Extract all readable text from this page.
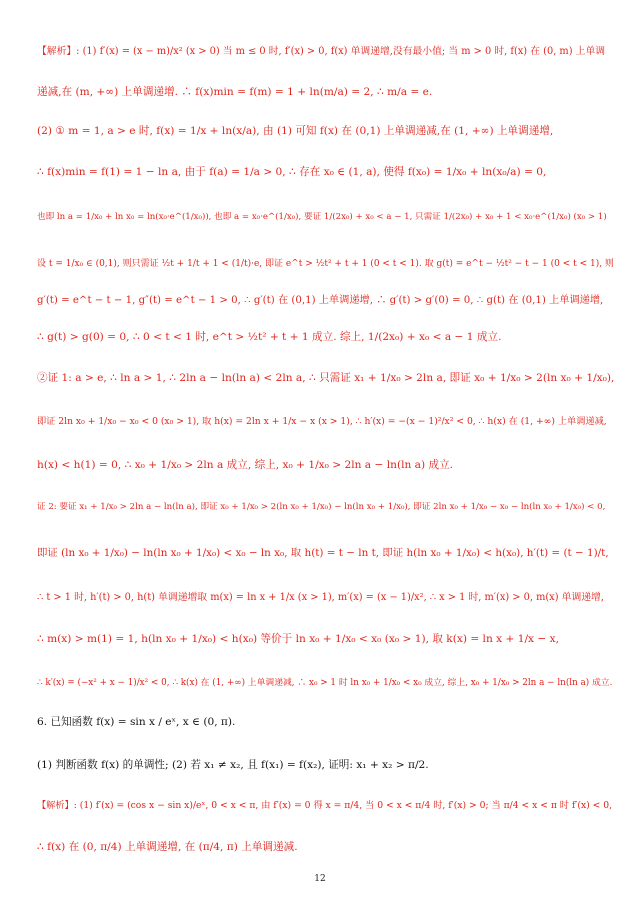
【解析】: (1) f′(x) = (x − m)/x² (x > 0) 当 m ≤ 0 时, f′(x) > 0, f(x) 单调递增,没有最小值; 当 m > 0 时, f(x) 在 (0, m) 上单调
递减,在 (m, +∞) 上单调递增. ∴ f(x)min = f(m) = 1 + ln(m/a) = 2, ∴ m/a = e.
(2) ① m = 1, a > e 时, f(x) = 1/x + ln(x/a), 由 (1) 可知 f(x) 在 (0,1) 上单调递减,在 (1, +∞) 上单调递增,
∴ f(x)min = f(1) = 1 − ln a, 由于 f(a) = 1/a > 0, ∴ 存在 x₀ ∈ (1, a), 使得 f(x₀) = 1/x₀ + ln(x₀/a) = 0,
也即 ln a = 1/x₀ + ln x₀ = ln(x₀·e^(1/x₀)), 也即 a = x₀·e^(1/x₀), 要证 1/(2x₀) + x₀ < a − 1, 只需证 1/(2x₀) + x₀ + 1 < x₀·e^(1/x₀) (x₀ > 1)
设 t = 1/x₀ ∈ (0,1), 则只需证 ½t + 1/t + 1 < (1/t)·e, 即证 e^t > ½t² + t + 1 (0 < t < 1). 取 g(t) = e^t − ½t² − t − 1 (0 < t < 1), 则
g′(t) = e^t − t − 1, g″(t) = e^t − 1 > 0, ∴ g′(t) 在 (0,1) 上单调递增, ∴ g′(t) > g′(0) = 0, ∴ g(t) 在 (0,1) 上单调递增,
∴ g(t) > g(0) = 0, ∴ 0 < t < 1 时, e^t > ½t² + t + 1 成立. 综上, 1/(2x₀) + x₀ < a − 1 成立.
②证 1: a > e, ∴ ln a > 1, ∴ 2ln a − ln(ln a) < 2ln a, ∴ 只需证 x₁ + 1/x₀ > 2ln a, 即证 x₀ + 1/x₀ > 2(ln x₀ + 1/x₀),
即证 2ln x₀ + 1/x₀ − x₀ < 0 (x₀ > 1), 取 h(x) = 2ln x + 1/x − x (x > 1), ∴ h′(x) = −(x − 1)²/x² < 0, ∴ h(x) 在 (1, +∞) 上单调递减,
h(x) < h(1) = 0, ∴ x₀ + 1/x₀ > 2ln a 成立, 综上, x₀ + 1/x₀ > 2ln a − ln(ln a) 成立.
证 2: 要证 x₁ + 1/x₀ > 2ln a − ln(ln a), 即证 x₀ + 1/x₀ > 2(ln x₀ + 1/x₀) − ln(ln x₀ + 1/x₀), 即证 2ln x₀ + 1/x₀ − x₀ − ln(ln x₀ + 1/x₀) < 0,
即证 (ln x₀ + 1/x₀) − ln(ln x₀ + 1/x₀) < x₀ − ln x₀, 取 h(t) = t − ln t, 即证 h(ln x₀ + 1/x₀) < h(x₀), h′(t) = (t − 1)/t,
∴ t > 1 时, h′(t) > 0, h(t) 单调递增取 m(x) = ln x + 1/x (x > 1), m′(x) = (x − 1)/x², ∴ x > 1 时, m′(x) > 0, m(x) 单调递增,
∴ m(x) > m(1) = 1, h(ln x₀ + 1/x₀) < h(x₀) 等价于 ln x₀ + 1/x₀ < x₀ (x₀ > 1), 取 k(x) = ln x + 1/x − x,
∴ k′(x) = (−x² + x − 1)/x² < 0, ∴ k(x) 在 (1, +∞) 上单调递减, ∴ x₀ > 1 时 ln x₀ + 1/x₀ < x₀ 成立, 综上, x₀ + 1/x₀ > 2ln a − ln(ln a) 成立.
6. 已知函数 f(x) = sin x / eˣ, x ∈ (0, π).
(1) 判断函数 f(x) 的单调性; (2) 若 x₁ ≠ x₂, 且 f(x₁) = f(x₂), 证明: x₁ + x₂ > π/2.
【解析】: (1) f′(x) = (cos x − sin x)/eˣ, 0 < x < π, 由 f′(x) = 0 得 x = π/4, 当 0 < x < π/4 时, f′(x) > 0; 当 π/4 < x < π 时 f′(x) < 0,
∴ f(x) 在 (0, π/4) 上单调递增, 在 (π/4, π) 上单调递减.
12
